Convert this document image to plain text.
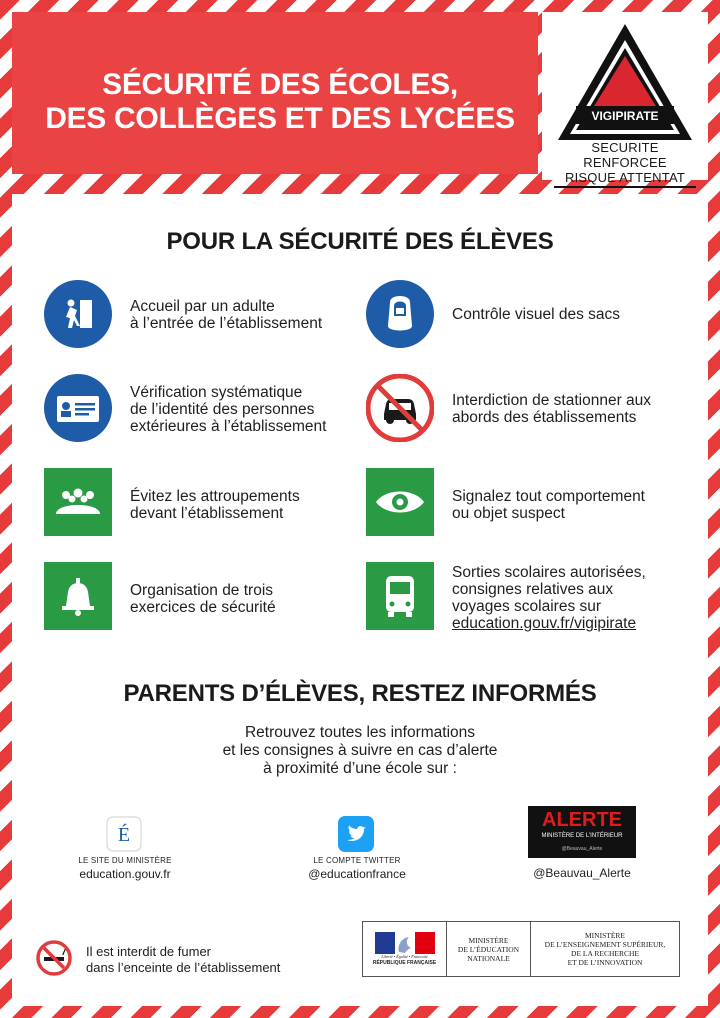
SÉCURITÉ DES ÉCOLES,
DES COLLÈGES ET DES LYCÉES	VIGIPIRATE
SECURITE RENFORCEE
RISQUE ATTENTAT
POUR LA SÉCURITÉ DES ÉLÈVES
Accueil par un adulte
à l’entrée de l’établissement
Contrôle visuel des sacs
Vérification systématique
de l’identité des personnes
extérieures à l’établissement
Interdiction de stationner aux
abords des établissements
Évitez les attroupements
devant l’établissement
Signalez tout comportement
ou objet suspect
Organisation de trois
exercices de sécurité
Sorties scolaires autorisées,
consignes relatives aux
voyages scolaires sur
education.gouv.fr/vigipirate
PARENTS D’ÉLÈVES, RESTEZ INFORMÉS
Retrouvez toutes les informations
et les consignes à suivre en cas d’alerte
à proximité d’une école sur :
É
LE SITE DU MINISTÈRE
education.gouv.fr
LE COMPTE TWITTER
@educationfrance
ALERTE
MINISTÈRE DE L’INTÉRIEUR
@Beauvau_Alerte
@Beauvau_Alerte
Il est interdit de fumer
dans l’enceinte de l’établissement
Liberté • Égalité • Fraternité
RÉPUBLIQUE FRANÇAISE
MINISTÈRE
DE L’ÉDUCATION
NATIONALE
MINISTÈRE
DE L’ENSEIGNEMENT SUPÉRIEUR,
DE LA RECHERCHE
ET DE L’INNOVATION
